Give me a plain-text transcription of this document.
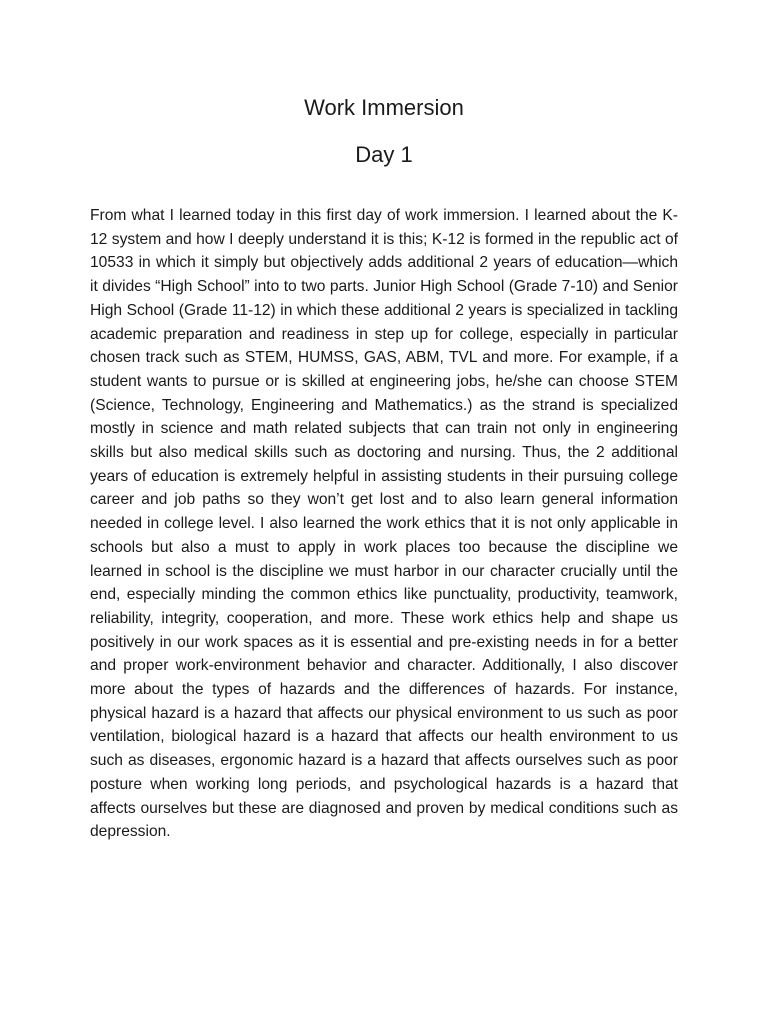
Work Immersion
Day 1

From what I learned today in this first day of work immersion. I learned about the K-12 system and how I deeply understand it is this; K-12 is formed in the republic act of 10533 in which it simply but objectively adds additional 2 years of education—which it divides “High School” into to two parts. Junior High School (Grade 7-10) and Senior High School (Grade 11-12) in which these additional 2 years is specialized in tackling academic preparation and readiness in step up for college, especially in particular chosen track such as STEM, HUMSS, GAS, ABM, TVL and more. For example, if a student wants to pursue or is skilled at engineering jobs, he/she can choose STEM (Science, Technology, Engineering and Mathematics.) as the strand is specialized mostly in science and math related subjects that can train not only in engineering skills but also medical skills such as doctoring and nursing. Thus, the 2 additional years of education is extremely helpful in assisting students in their pursuing college career and job paths so they won’t get lost and to also learn general information needed in college level. I also learned the work ethics that it is not only applicable in schools but also a must to apply in work places too because the discipline we learned in school is the discipline we must harbor in our character crucially until the end, especially minding the common ethics like punctuality, productivity, teamwork, reliability, integrity, cooperation, and more. These work ethics help and shape us positively in our work spaces as it is essential and pre-existing needs in for a better and proper work-environment behavior and character. Additionally, I also discover more about the types of hazards and the differences of hazards. For instance, physical hazard is a hazard that affects our physical environment to us such as poor ventilation, biological hazard is a hazard that affects our health environment to us such as diseases, ergonomic hazard is a hazard that affects ourselves such as poor posture when working long periods, and psychological hazards is a hazard that affects ourselves but these are diagnosed and proven by medical conditions such as depression.
